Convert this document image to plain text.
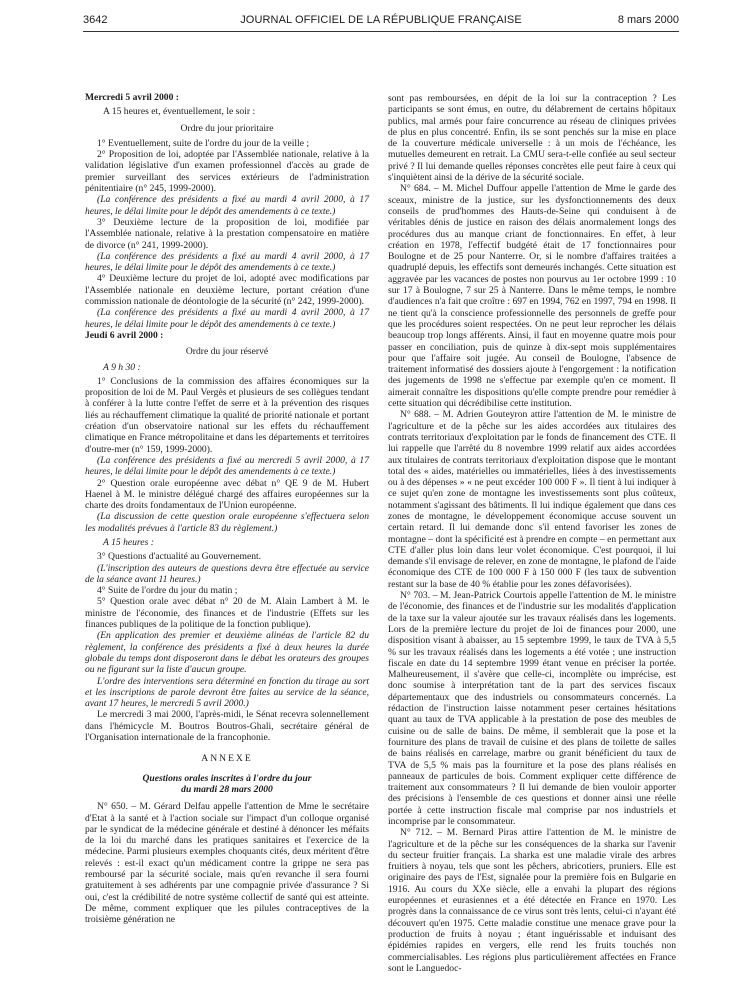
3642	JOURNAL OFFICIEL DE LA RÉPUBLIQUE FRANÇAISE	8 mars 2000

Mercredi 5 avril 2000 :

A 15 heures et, éventuellement, le soir :

Ordre du jour prioritaire

1° Eventuellement, suite de l'ordre du jour de la veille ;

2° Proposition de loi, adoptée par l'Assemblée nationale, relative à la validation législative d'un examen professionnel d'accès au grade de premier surveillant des services extérieurs de l'administration pénitentiaire (n° 245, 1999-2000).

(La conférence des présidents a fixé au mardi 4 avril 2000, à 17 heures, le délai limite pour le dépôt des amendements à ce texte.)

3° Deuxième lecture de la proposition de loi, modifiée par l'Assemblée nationale, relative à la prestation compensatoire en matière de divorce (n° 241, 1999-2000).

(La conférence des présidents a fixé au mardi 4 avril 2000, à 17 heures, le délai limite pour le dépôt des amendements à ce texte.)

4° Deuxième lecture du projet de loi, adopté avec modifications par l'Assemblée nationale en deuxième lecture, portant création d'une commission nationale de déontologie de la sécurité (n° 242, 1999-2000).

(La conférence des présidents a fixé au mardi 4 avril 2000, à 17 heures, le délai limite pour le dépôt des amendements à ce texte.)

Jeudi 6 avril 2000 :

Ordre du jour réservé

A 9 h 30 :

1° Conclusions de la commission des affaires économiques sur la proposition de loi de M. Paul Vergès et plusieurs de ses collègues tendant à conférer à la lutte contre l'effet de serre et à la prévention des risques liés au réchauffement climatique la qualité de priorité nationale et portant création d'un observatoire national sur les effets du réchauffement climatique en France métropolitaine et dans les départements et territoires d'outre-mer (n° 159, 1999-2000).

(La conférence des présidents a fixé au mercredi 5 avril 2000, à 17 heures, le délai limite pour le dépôt des amendements à ce texte.)

2° Question orale européenne avec débat n° QE 9 de M. Hubert Haenel à M. le ministre délégué chargé des affaires européennes sur la charte des droits fondamentaux de l'Union européenne.

(La discussion de cette question orale européenne s'effectuera selon les modalités prévues à l'article 83 du règlement.)

A 15 heures :

3° Questions d'actualité au Gouvernement.

(L'inscription des auteurs de questions devra être effectuée au service de la séance avant 11 heures.)

4° Suite de l'ordre du jour du matin ;

5° Question orale avec débat n° 20 de M. Alain Lambert à M. le ministre de l'économie, des finances et de l'industrie (Effets sur les finances publiques de la politique de la fonction publique).

(En application des premier et deuxième alinéas de l'article 82 du règlement, la conférence des présidents a fixé à deux heures la durée globale du temps dont disposeront dans le débat les orateurs des groupes ou ne figurant sur la liste d'aucun groupe.

L'ordre des interventions sera déterminé en fonction du tirage au sort et les inscriptions de parole devront être faites au service de la séance, avant 17 heures, le mercredi 5 avril 2000.)

Le mercredi 3 mai 2000, l'après-midi, le Sénat recevra solennellement dans l'hémicycle M. Boutros Boutros-Ghali, secrétaire général de l'Organisation internationale de la francophonie.

ANNEXE

Questions orales inscrites à l'ordre du jour
du mardi 28 mars 2000

N° 650. – M. Gérard Delfau appelle l'attention de Mme le secrétaire d'Etat à la santé et à l'action sociale sur l'impact d'un colloque organisé par le syndicat de la médecine générale et destiné à dénoncer les méfaits de la loi du marché dans les pratiques sanitaires et l'exercice de la médecine. Parmi plusieurs exemples choquants cités, deux méritent d'être relevés : est-il exact qu'un médicament contre la grippe ne sera pas remboursé par la sécurité sociale, mais qu'en revanche il sera fourni gratuitement à ses adhérents par une compagnie privée d'assurance ? Si oui, c'est la crédibilité de notre système collectif de santé qui est atteinte. De même, comment expliquer que les pilules contraceptives de la troisième génération ne

sont pas remboursées, en dépit de la loi sur la contraception ? Les participants se sont émus, en outre, du délabrement de certains hôpitaux publics, mal armés pour faire concurrence au réseau de cliniques privées de plus en plus concentré. Enfin, ils se sont penchés sur la mise en place de la couverture médicale universelle : à un mois de l'échéance, les mutuelles demeurent en retrait. La CMU sera-t-elle confiée au seul secteur privé ? Il lui demande quelles réponses concrètes elle peut faire à ceux qui s'inquiètent ainsi de la dérive de la sécurité sociale.

N° 684. – M. Michel Duffour appelle l'attention de Mme le garde des sceaux, ministre de la justice, sur les dysfonctionnements des deux conseils de prud'hommes des Hauts-de-Seine qui conduisent à de véritables dénis de justice en raison des délais anormalement longs des procédures dus au manque criant de fonctionnaires. En effet, à leur création en 1978, l'effectif budgété était de 17 fonctionnaires pour Boulogne et de 25 pour Nanterre. Or, si le nombre d'affaires traitées a quadruplé depuis, les effectifs sont demeurés inchangés. Cette situation est aggravée par les vacances de postes non pourvus au 1er octobre 1999 : 10 sur 17 à Boulogne, 7 sur 25 à Nanterre. Dans le même temps, le nombre d'audiences n'a fait que croître : 697 en 1994, 762 en 1997, 794 en 1998. Il ne tient qu'à la conscience professionnelle des personnels de greffe pour que les procédures soient respectées. On ne peut leur reprocher les délais beaucoup trop longs afférents. Ainsi, il faut en moyenne quatre mois pour passer en conciliation, puis de quinze à dix-sept mois supplémentaires pour que l'affaire soit jugée. Au conseil de Boulogne, l'absence de traitement informatisé des dossiers ajoute à l'engorgement : la notification des jugements de 1998 ne s'effectue par exemple qu'en ce moment. Il aimerait connaître les dispositions qu'elle compte prendre pour remédier à cette situation qui décrédibilise cette institution.

N° 688. – M. Adrien Gouteyron attire l'attention de M. le ministre de l'agriculture et de la pêche sur les aides accordées aux titulaires des contrats territoriaux d'exploitation par le fonds de financement des CTE. Il lui rappelle que l'arrêté du 8 novembre 1999 relatif aux aides accordées aux titulaires de contrats territoriaux d'exploitation dispose que le montant total des « aides, matérielles ou immatérielles, liées à des investissements ou à des dépenses » « ne peut excéder 100 000 F ». Il tient à lui indiquer à ce sujet qu'en zone de montagne les investissements sont plus coûteux, notamment s'agissant des bâtiments. Il lui indique également que dans ces zones de montagne, le développement économique accuse souvent un certain retard. Il lui demande donc s'il entend favoriser les zones de montagne – dont la spécificité est à prendre en compte – en permettant aux CTE d'aller plus loin dans leur volet économique. C'est pourquoi, il lui demande s'il envisage de relever, en zone de montagne, le plafond de l'aide économique des CTE de 100 000 F à 150 000 F (les taux de subvention restant sur la base de 40 % établie pour les zones défavorisées).

N° 703. – M. Jean-Patrick Courtois appelle l'attention de M. le ministre de l'économie, des finances et de l'industrie sur les modalités d'application de la taxe sur la valeur ajoutée sur les travaux réalisés dans les logements. Lors de la première lecture du projet de loi de finances pour 2000, une disposition visant à abaisser, au 15 septembre 1999, le taux de TVA à 5,5 % sur les travaux réalisés dans les logements a été votée ; une instruction fiscale en date du 14 septembre 1999 étant venue en préciser la portée. Malheureusement, il s'avère que celle-ci, incomplète ou imprécise, est donc soumise à interprétation tant de la part des services fiscaux départementaux que des industriels ou consommateurs concernés. La rédaction de l'instruction laisse notamment peser certaines hésitations quant au taux de TVA applicable à la prestation de pose des meubles de cuisine ou de salle de bains. De même, il semblerait que la pose et la fourniture des plans de travail de cuisine et des plans de toilette de salles de bains réalisés en carrelage, marbre ou granit bénéficient du taux de TVA de 5,5 % mais pas la fourniture et la pose des plans réalisés en panneaux de particules de bois. Comment expliquer cette différence de traitement aux consommateurs ? Il lui demande de bien vouloir apporter des précisions à l'ensemble de ces questions et donner ainsi une réelle portée à cette instruction fiscale mal comprise par nos industriels et incomprise par le consommateur.

N° 712. – M. Bernard Piras attire l'attention de M. le ministre de l'agriculture et de la pêche sur les conséquences de la sharka sur l'avenir du secteur fruitier français. La sharka est une maladie virale des arbres fruitiers à noyau, tels que sont les pêchers, abricotiers, pruniers. Elle est originaire des pays de l'Est, signalée pour la première fois en Bulgarie en 1916. Au cours du XXe siècle, elle a envahi la plupart des régions européennes et eurasiennes et a été détectée en France en 1970. Les progrès dans la connaissance de ce virus sont très lents, celui-ci n'ayant été découvert qu'en 1975. Cette maladie constitue une menace grave pour la production de fruits à noyau ; étant inguérissable et induisant des épidémies rapides en vergers, elle rend les fruits touchés non commercialisables. Les régions plus particulièrement affectées en France sont le Languedoc-
